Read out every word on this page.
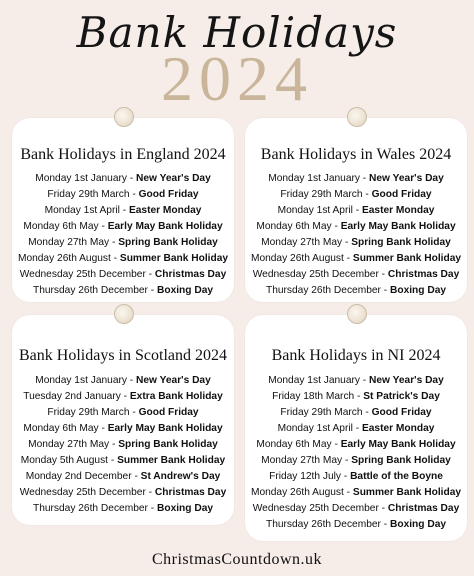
Bank Holidays
2024
Bank Holidays in England 2024
Monday 1st January - New Year's Day
Friday 29th March - Good Friday
Monday 1st April - Easter Monday
Monday 6th May - Early May Bank Holiday
Monday 27th May - Spring Bank Holiday
Monday 26th August - Summer Bank Holiday
Wednesday 25th December - Christmas Day
Thursday 26th December - Boxing Day
Bank Holidays in Wales 2024
Monday 1st January - New Year's Day
Friday 29th March - Good Friday
Monday 1st April - Easter Monday
Monday 6th May - Early May Bank Holiday
Monday 27th May - Spring Bank Holiday
Monday 26th August - Summer Bank Holiday
Wednesday 25th December - Christmas Day
Thursday 26th December - Boxing Day
Bank Holidays in Scotland 2024
Monday 1st January - New Year's Day
Tuesday 2nd January - Extra Bank Holiday
Friday 29th March - Good Friday
Monday 6th May - Early May Bank Holiday
Monday 27th May - Spring Bank Holiday
Monday 5th August - Summer Bank Holiday
Monday 2nd December - St Andrew's Day
Wednesday 25th December - Christmas Day
Thursday 26th December - Boxing Day
Bank Holidays in NI 2024
Monday 1st January - New Year's Day
Friday 18th March - St Patrick's Day
Friday 29th March - Good Friday
Monday 1st April - Easter Monday
Monday 6th May - Early May Bank Holiday
Monday 27th May - Spring Bank Holiday
Friday 12th July - Battle of the Boyne
Monday 26th August - Summer Bank Holiday
Wednesday 25th December - Christmas Day
Thursday 26th December - Boxing Day
ChristmasCountdown.uk
